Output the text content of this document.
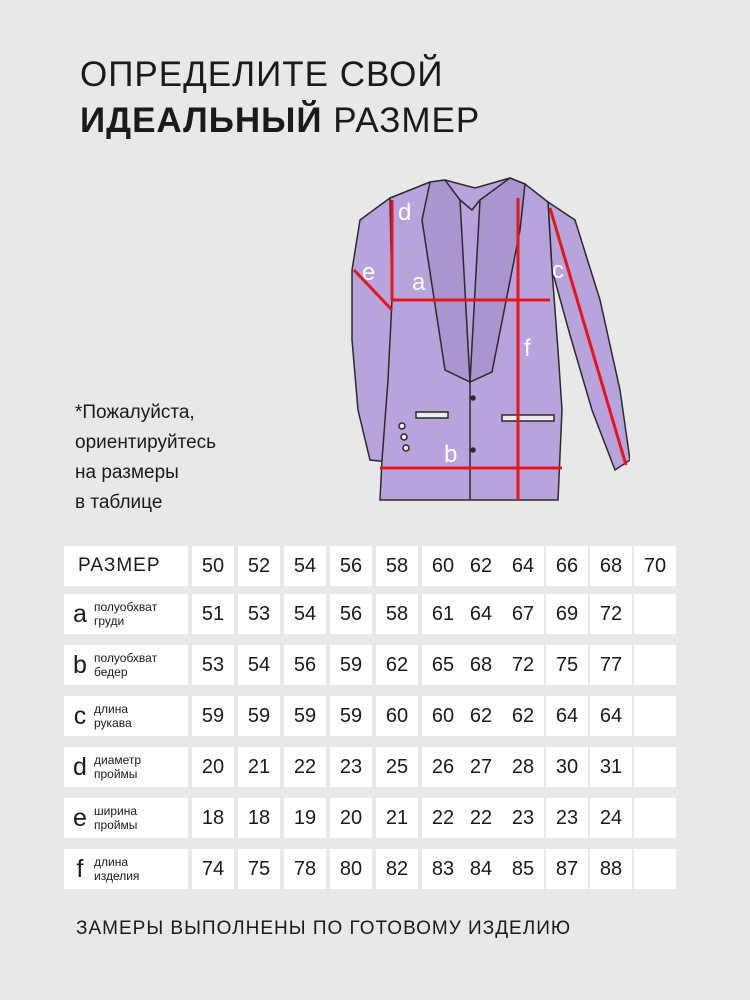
ОПРЕДЕЛИТЕ СВОЙ
ИДЕАЛЬНЫЙ РАЗМЕР
*Пожалуйста,
ориентируйтесь
на размеры
в таблице
d
e a	c
f
b
РАЗМЕР	50	52	54	56	58	60 62 64	66	68	70
a полуобхват
груди	51	53	54	56	58	61 64 67	69	72
b полуобхват
бедер	53	54	56	59	62	65 68 72	75	77
c длина
рукава	59	59	59	59	60	60 62 62	64	64
d диаметр
проймы	20	21	22	23	25	26 27 28	30	31
e ширина
проймы	18	18	19	20	21	22 22 23	23	24
f длина
изделия	74	75	78	80	82	83 84 85	87	88
ЗАМЕРЫ ВЫПОЛНЕНЫ ПО ГОТОВОМУ ИЗДЕЛИЮ
